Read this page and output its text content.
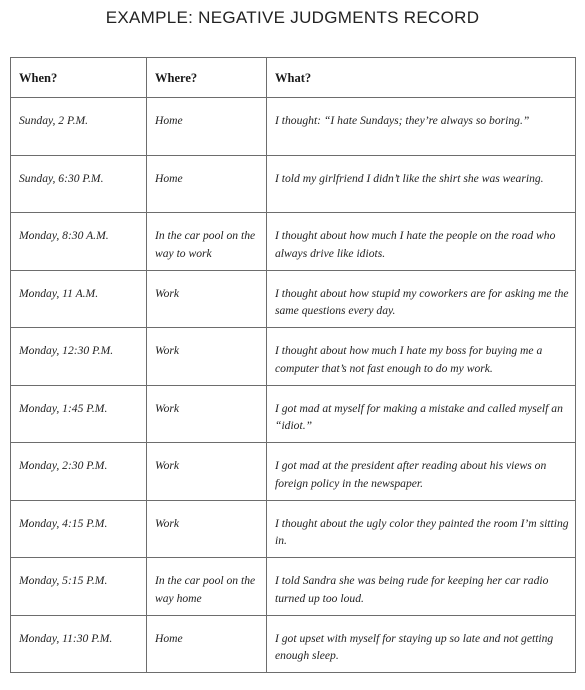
EXAMPLE: NEGATIVE JUDGMENTS RECORD
When?	Where?	What?
Sunday, 2 P.M.	Home	I thought: “I hate Sundays; they’re always so boring.”
Sunday, 6:30 P.M.	Home	I told my girlfriend I didn’t like the shirt she was wearing.
Monday, 8:30 A.M.	In the car pool on the way to work	I thought about how much I hate the people on the road who always drive like idiots.
Monday, 11 A.M.	Work	I thought about how stupid my coworkers are for asking me the same questions every day.
Monday, 12:30 P.M.	Work	I thought about how much I hate my boss for buying me a computer that’s not fast enough to do my work.
Monday, 1:45 P.M.	Work	I got mad at myself for making a mistake and called myself an “idiot.”
Monday, 2:30 P.M.	Work	I got mad at the president after reading about his views on foreign policy in the newspaper.
Monday, 4:15 P.M.	Work	I thought about the ugly color they painted the room I’m sitting in.
Monday, 5:15 P.M.	In the car pool on the way home	I told Sandra she was being rude for keeping her car radio turned up too loud.
Monday, 11:30 P.M.	Home	I got upset with myself for staying up so late and not getting enough sleep.
